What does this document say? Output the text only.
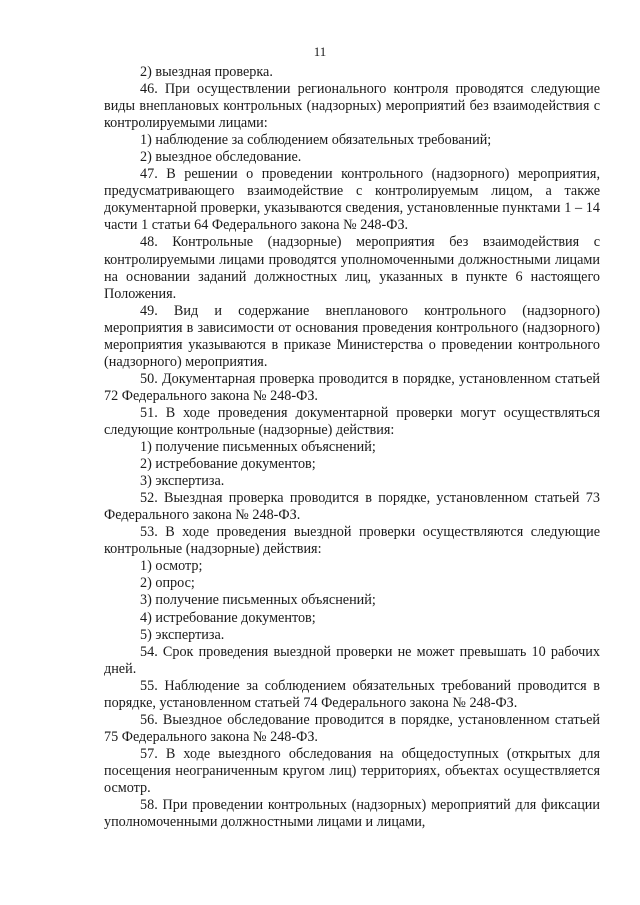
11

2) выездная проверка.

46. При осуществлении регионального контроля проводятся следующие виды внеплановых контрольных (надзорных) мероприятий без взаимодействия с контролируемыми лицами:

1) наблюдение за соблюдением обязательных требований;

2) выездное обследование.

47. В решении о проведении контрольного (надзорного) мероприятия, предусматривающего взаимодействие с контролируемым лицом, а также документарной проверки, указываются сведения, установленные пунктами 1 – 14 части 1 статьи 64 Федерального закона № 248-ФЗ.

48. Контрольные (надзорные) мероприятия без взаимодействия с контролируемыми лицами проводятся уполномоченными должностными лицами на основании заданий должностных лиц, указанных в пункте 6 настоящего Положения.

49. Вид и содержание внепланового контрольного (надзорного) мероприятия в зависимости от основания проведения контрольного (надзорного) мероприятия указываются в приказе Министерства о проведении контрольного (надзорного) мероприятия.

50. Документарная проверка проводится в порядке, установленном статьей 72 Федерального закона № 248-ФЗ.

51. В ходе проведения документарной проверки могут осуществляться следующие контрольные (надзорные) действия:

1) получение письменных объяснений;

2) истребование документов;

3) экспертиза.

52. Выездная проверка проводится в порядке, установленном статьей 73 Федерального закона № 248-ФЗ.

53. В ходе проведения выездной проверки осуществляются следующие контрольные (надзорные) действия:

1) осмотр;

2) опрос;

3) получение письменных объяснений;

4) истребование документов;

5) экспертиза.

54. Срок проведения выездной проверки не может превышать 10 рабочих дней.

55. Наблюдение за соблюдением обязательных требований проводится в порядке, установленном статьей 74 Федерального закона № 248-ФЗ.

56. Выездное обследование проводится в порядке, установленном статьей 75 Федерального закона № 248-ФЗ.

57. В ходе выездного обследования на общедоступных (открытых для посещения неограниченным кругом лиц) территориях, объектах осуществляется осмотр.

58. При проведении контрольных (надзорных) мероприятий для фиксации уполномоченными должностными лицами и лицами,
